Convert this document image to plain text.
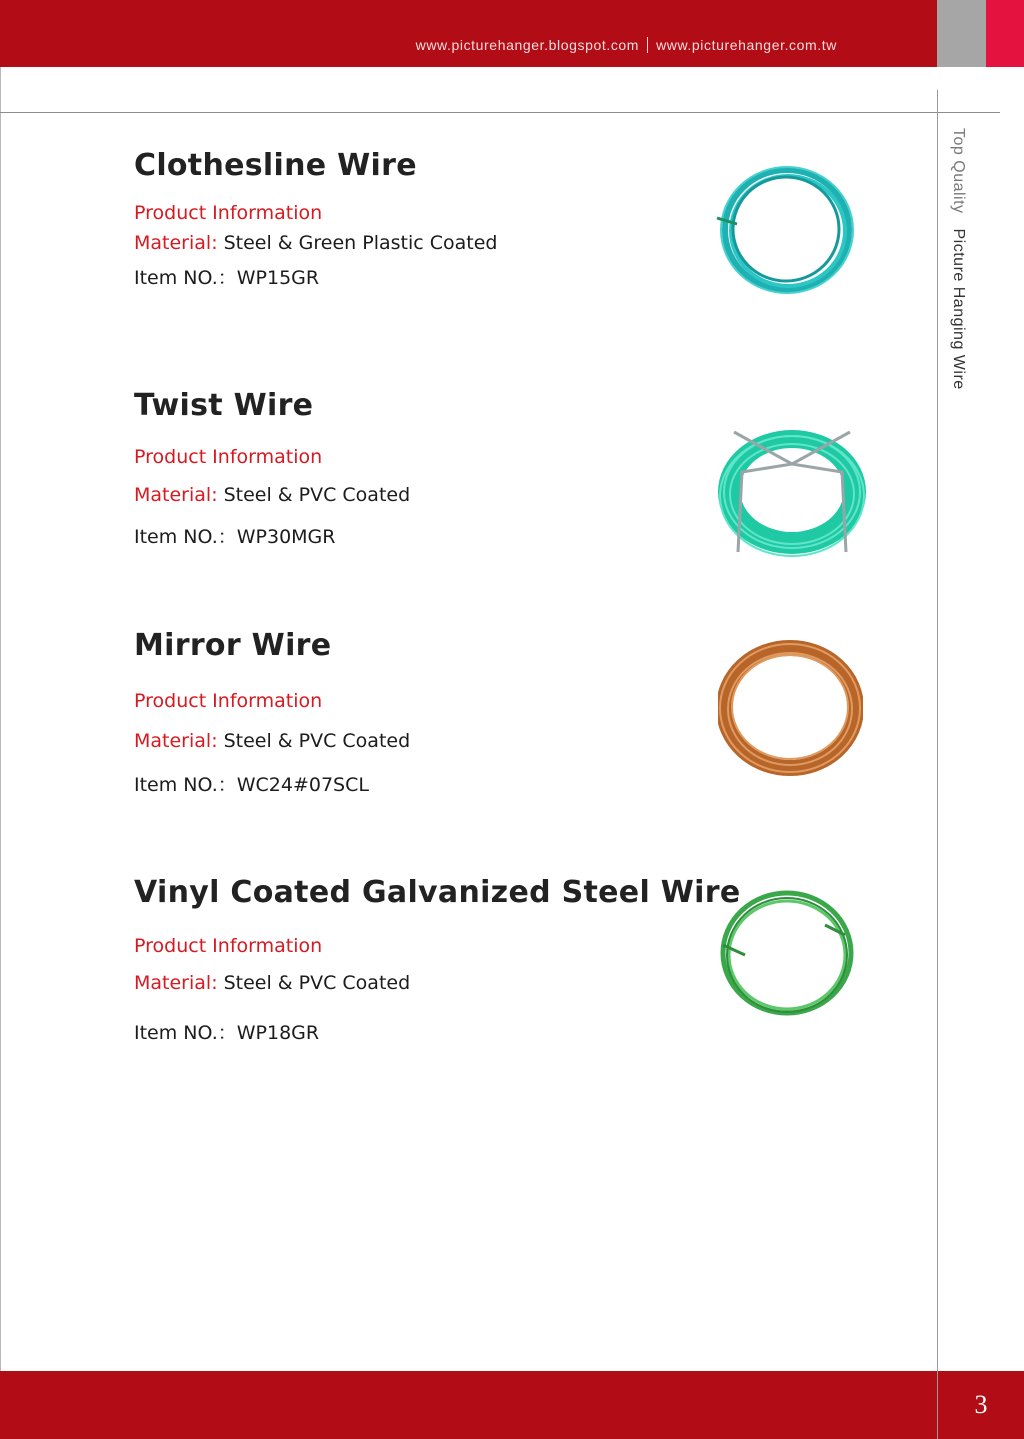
www.picturehanger.blogspot.com www.picturehanger.com.tw
Top Quality Picture Hanging Wire
Clothesline Wire
Product Information
Material: Steel & Green Plastic Coated
Item NO.：WP15GR
Twist Wire
Product Information
Material: Steel & PVC Coated
Item NO.：WP30MGR
Mirror Wire
Product Information
Material: Steel & PVC Coated
Item NO.：WC24#07SCL
Vinyl Coated Galvanized Steel Wire
Product Information
Material: Steel & PVC Coated
Item NO.：WP18GR
3
